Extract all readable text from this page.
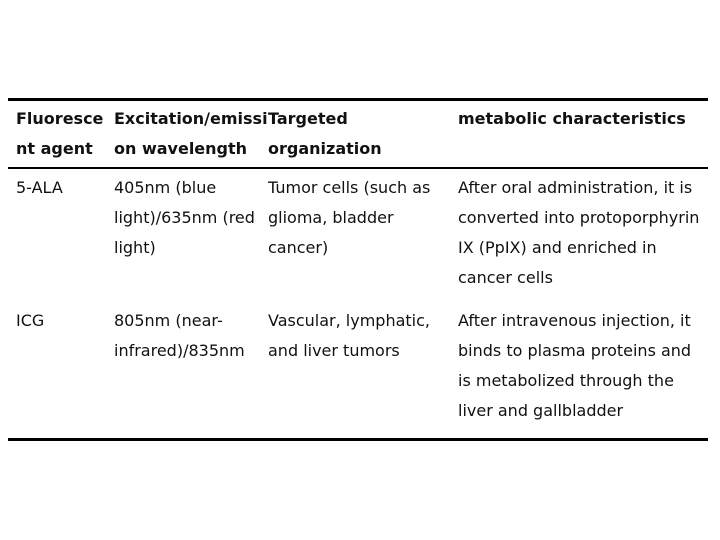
Fluorescent agent	Excitation/emission wavelength	Targeted organization	metabolic characteristics
5-ALA	405nm (blue light)/635nm (red light)	Tumor cells (such as glioma, bladder cancer)	After oral administration, it is converted into protoporphyrin IX (PpIX) and enriched in cancer cells
ICG	805nm (near-infrared)/835nm	Vascular, lymphatic, and liver tumors	After intravenous injection, it binds to plasma proteins and is metabolized through the liver and gallbladder
